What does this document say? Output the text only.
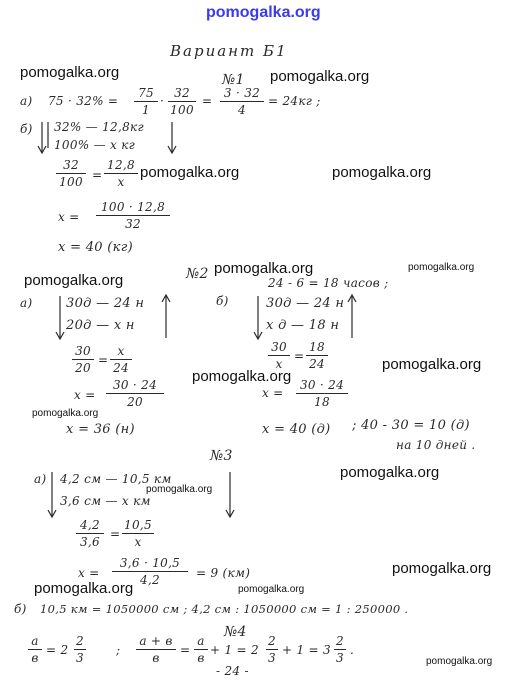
pomogalka.org
pomogalka.org	pomogalka.org
pomogalka.org	pomogalka.org
pomogalka.org
pomogalka.org	pomogalka.org
pomogalka.org
pomogalka.org
pomogalka.org
pomogalka.org
pomogalka.org
pomogalka.org
pomogalka.org	pomogalka.org
pomogalka.org
Вариант Б1
№1
а) 75 · 32% =
75
1
·
32
100
=
3 · 32
4
= 24кг ;
б) 32% — 12,8кг
100% — х кг
32
100 =
12,8
х
х =
100 · 12,8
32
х = 40 (кг)
№2
24 - 6 = 18 часов ;
а)	30д — 24 н
20д — х н
30
20
=
х
24
х =
30 · 24
20
х = 36 (н)
б)	30д — 24 н
х д — 18 н
30
х
=
18
24
х =
30 · 24
18
х = 40 (д) ; 40 - 30 = 10 (д)
на 10 дней .
№3
а) 4,2 см — 10,5 км
3,6 см — х км
4,2
3,6
=
10,5
х
х =
3,6 · 10,5
4,2	= 9 (км)
б) 10,5 км = 1050000 см ; 4,2 см : 1050000 см = 1 : 250000 .
№4
а
в
= 2
2
3
;
а + в
в
=
а
в
+ 1 = 2
2
3
+ 1 = 3
2
3
.
- 24 -
